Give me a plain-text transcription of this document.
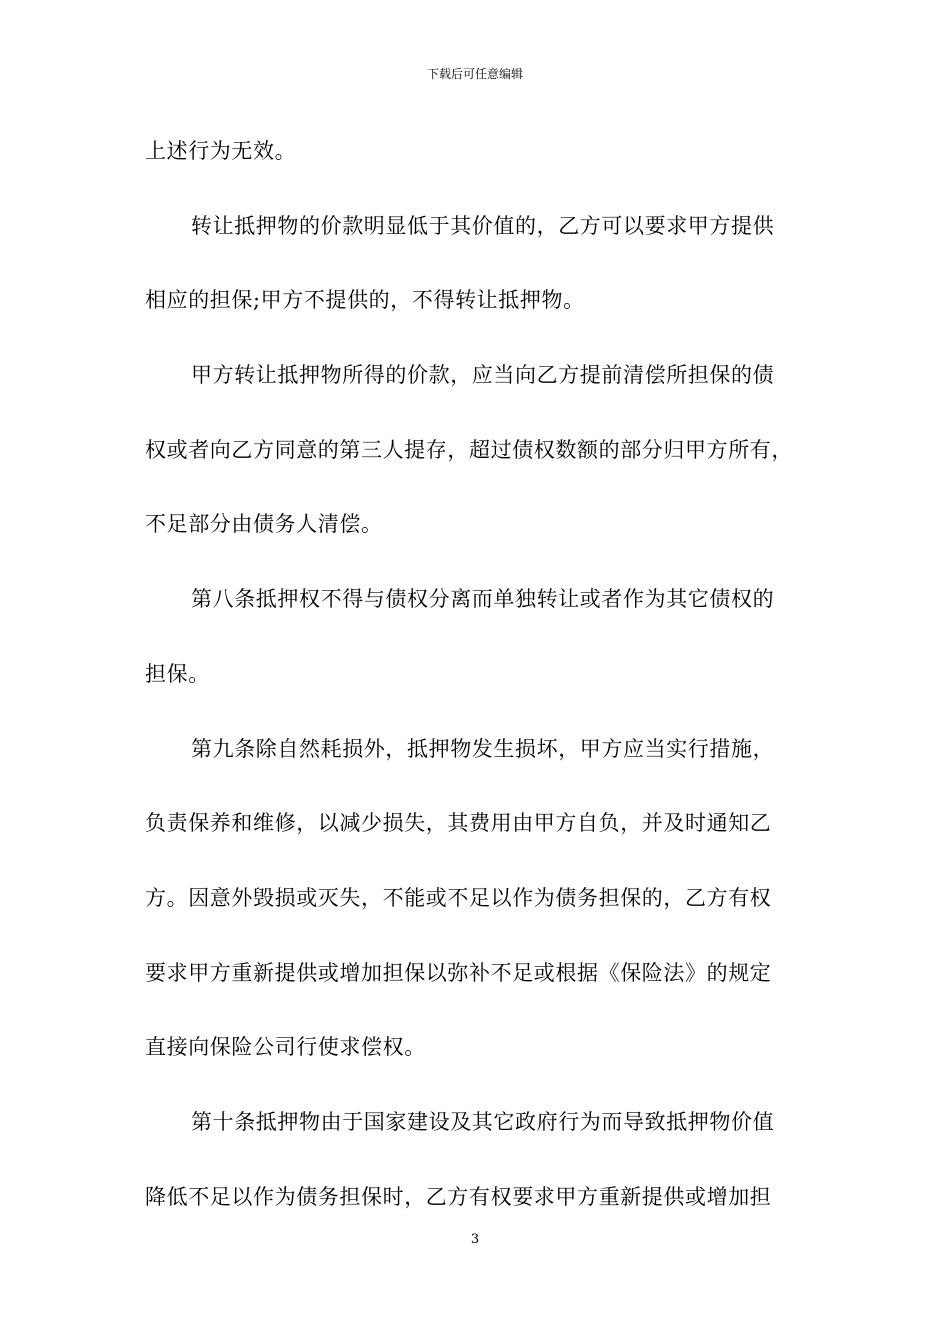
下载后可任意编辑
上述行为无效。
转让抵押物的价款明显低于其价值的，乙方可以要求甲方提供
相应的担保;甲方不提供的，不得转让抵押物。
甲方转让抵押物所得的价款，应当向乙方提前清偿所担保的债
权或者向乙方同意的第三人提存，超过债权数额的部分归甲方所有，
不足部分由债务人清偿。
第八条抵押权不得与债权分离而单独转让或者作为其它债权的
担保。
第九条除自然耗损外，抵押物发生损坏，甲方应当实行措施，
负责保养和维修，以减少损失，其费用由甲方自负，并及时通知乙
方。因意外毁损或灭失，不能或不足以作为债务担保的，乙方有权
要求甲方重新提供或增加担保以弥补不足或根据《保险法》的规定
直接向保险公司行使求偿权。
第十条抵押物由于国家建设及其它政府行为而导致抵押物价值
降低不足以作为债务担保时，乙方有权要求甲方重新提供或增加担
3
